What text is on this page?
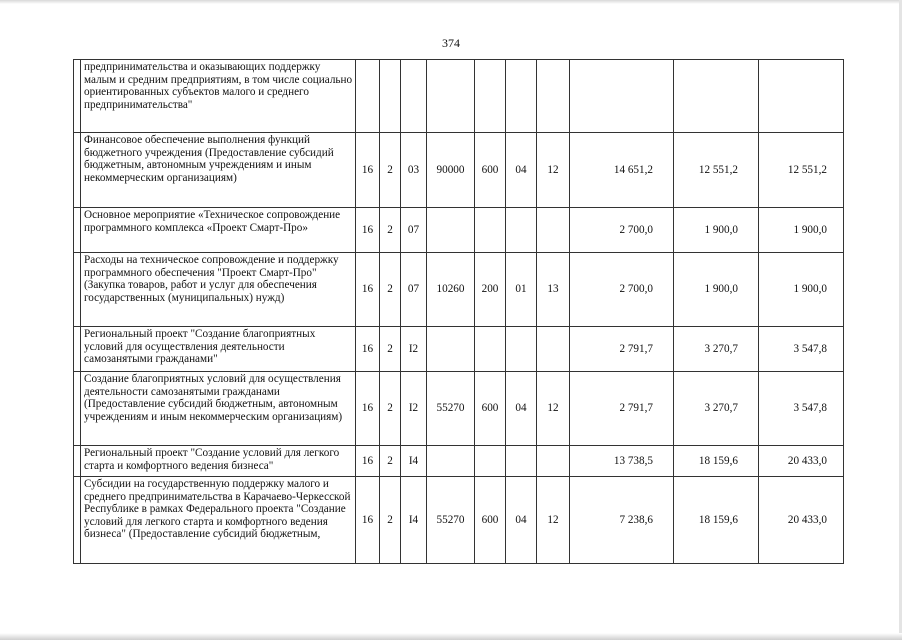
374
	предпринимательства и оказывающих поддержку малым и средним предприятиям, в том числе социально ориентированных субъектов малого и среднего предпринимательства"										
	Финансовое обеспечение выполнения функций бюджетного учреждения (Предоставление субсидий бюджетным, автономным учреждениям и иным некоммерческим организациям)	16	2	03	90000	600	04	12	14 651,2	12 551,2	12 551,2
	Основное мероприятие «Техническое сопровождение программного комплекса «Проект Смарт-Про»	16	2	07					2 700,0	1 900,0	1 900,0
	Расходы на техническое сопровождение и поддержку программного обеспечения "Проект Смарт-Про" (Закупка товаров, работ и услуг для обеспечения государственных (муниципальных) нужд)	16	2	07	10260	200	01	13	2 700,0	1 900,0	1 900,0
	Региональный проект "Создание благоприятных условий для осуществления деятельности самозанятыми гражданами"	16	2	I2					2 791,7	3 270,7	3 547,8
	Создание благоприятных условий для осуществления деятельности самозанятыми гражданами (Предоставление субсидий бюджетным, автономным учреждениям и иным некоммерческим организациям)	16	2	I2	55270	600	04	12	2 791,7	3 270,7	3 547,8
	Региональный проект "Создание условий для легкого старта и комфортного ведения бизнеса"	16	2	I4					13 738,5	18 159,6	20 433,0
	Субсидии на государственную поддержку малого и среднего предпринимательства в Карачаево-Черкесской Республике в рамках Федерального проекта "Создание условий для легкого старта и комфортного ведения бизнеса" (Предоставление субсидий бюджетным,	16	2	I4	55270	600	04	12	7 238,6	18 159,6	20 433,0
